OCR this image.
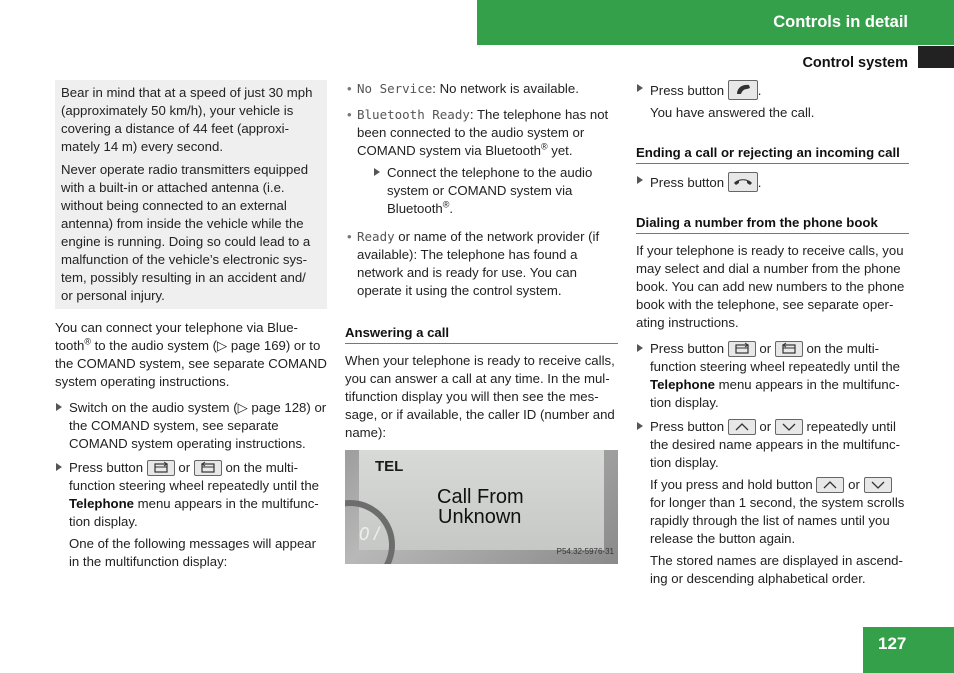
Controls in detail
Control system

Bear in mind that at a speed of just 30 mph (approximately 50 km/h), your vehicle is covering a distance of 44 feet (approxi-mately 14 m) every second.

Never operate radio transmitters equipped with a built-in or attached antenna (i.e. without being connected to an external antenna) from inside the vehicle while the engine is running. Doing so could lead to a malfunction of the vehicle’s electronic sys-tem, possibly resulting in an accident and/ or personal injury.

You can connect your telephone via Blue-tooth® to the audio system (▷ page 169) or to the COMAND system, see separate COMAND system operating instructions.

Switch on the audio system (▷ page 128) or the COMAND system, see separate COMAND system operating instructions.
Press button	or	on the multi-function steering wheel repeatedly until the Telephone menu appears in the multifunc-tion display.
One of the following messages will appear in the multifunction display:
• No Service: No network is available.
• Bluetooth Ready: The telephone has not been connected to the audio system or COMAND system via Bluetooth® yet.
Connect the telephone to the audio system or COMAND system via Bluetooth®.
• Ready or name of the network provider (if available): The telephone has found a network and is ready for use. You can operate it using the control system.
Answering a call

When your telephone is ready to receive calls, you can answer a call at any time. In the mul-tifunction display you will then see the mes-sage, or if available, the caller ID (number and name):

0 /
TEL
Call From
Unknown
P54.32-5976-31
Press button	.
You have answered the call.
Ending a call or rejecting an incoming call
Press button	.
Dialing a number from the phone book

If your telephone is ready to receive calls, you may select and dial a number from the phone book. You can add new numbers to the phone book with the telephone, see separate oper-ating instructions.

Press button	or	on the multi-function steering wheel repeatedly until the Telephone menu appears in the multifunc-tion display.
Press button	or	repeatedly until the desired name appears in the multifunc-tion display.
If you press and hold button	or
for longer than 1 second, the system scrolls rapidly through the list of names until you release the button again.
The stored names are displayed in ascend-ing or descending alphabetical order.
127
